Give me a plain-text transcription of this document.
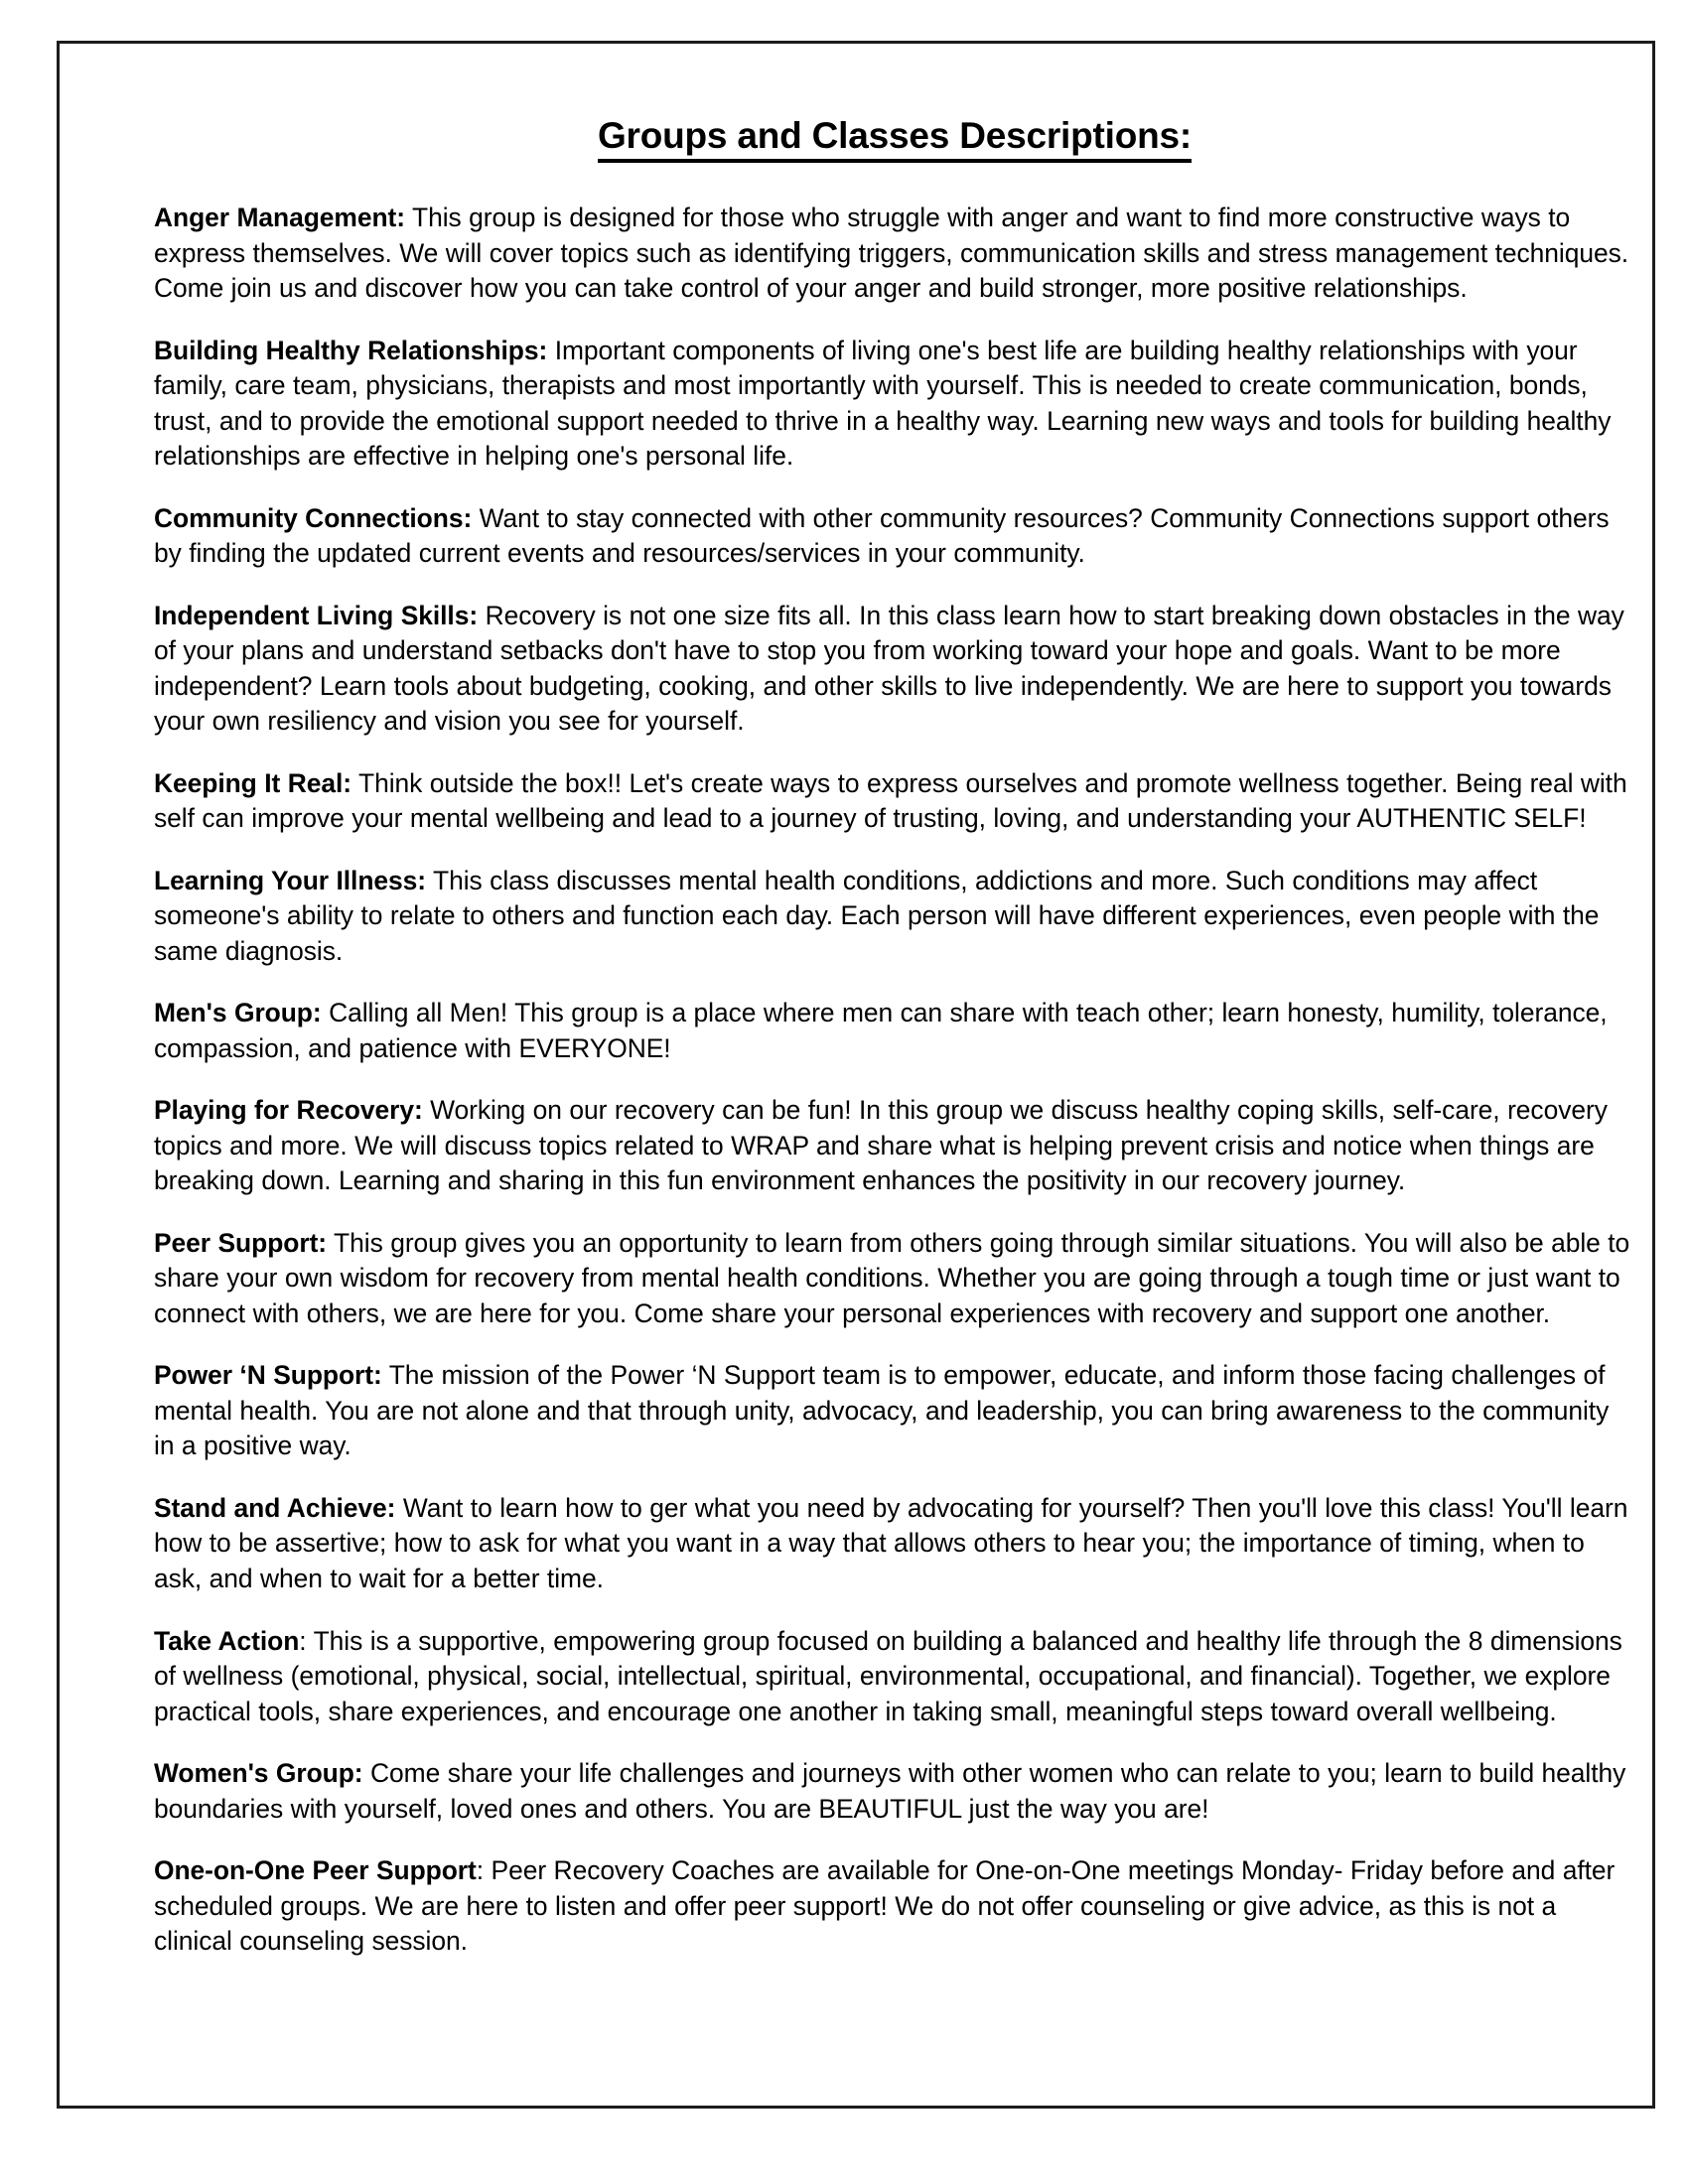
Groups and Classes Descriptions:

Anger Management: This group is designed for those who struggle with anger and want to find more constructive ways to express themselves. We will cover topics such as identifying triggers, communication skills and stress management techniques. Come join us and discover how you can take control of your anger and build stronger, more positive relationships.

Building Healthy Relationships: Important components of living one's best life are building healthy relationships with your family, care team, physicians, therapists and most importantly with yourself. This is needed to create communication, bonds, trust, and to provide the emotional support needed to thrive in a healthy way. Learning new ways and tools for building healthy relationships are effective in helping one's personal life.

Community Connections: Want to stay connected with other community resources? Community Connections support others by finding the updated current events and resources/services in your community.

Independent Living Skills: Recovery is not one size fits all. In this class learn how to start breaking down obstacles in the way of your plans and understand setbacks don't have to stop you from working toward your hope and goals. Want to be more independent? Learn tools about budgeting, cooking, and other skills to live independently. We are here to support you towards your own resiliency and vision you see for yourself.

Keeping It Real: Think outside the box!! Let's create ways to express ourselves and promote wellness together. Being real with self can improve your mental wellbeing and lead to a journey of trusting, loving, and understanding your AUTHENTIC SELF!

Learning Your Illness: This class discusses mental health conditions, addictions and more. Such conditions may affect someone's ability to relate to others and function each day. Each person will have different experiences, even people with the same diagnosis.

Men's Group: Calling all Men! This group is a place where men can share with teach other; learn honesty, humility, tolerance, compassion, and patience with EVERYONE!

Playing for Recovery: Working on our recovery can be fun! In this group we discuss healthy coping skills, self-care, recovery topics and more. We will discuss topics related to WRAP and share what is helping prevent crisis and notice when things are breaking down. Learning and sharing in this fun environment enhances the positivity in our recovery journey.

Peer Support: This group gives you an opportunity to learn from others going through similar situations. You will also be able to share your own wisdom for recovery from mental health conditions. Whether you are going through a tough time or just want to connect with others, we are here for you. Come share your personal experiences with recovery and support one another.

Power ‘N Support: The mission of the Power ‘N Support team is to empower, educate, and inform those facing challenges of mental health. You are not alone and that through unity, advocacy, and leadership, you can bring awareness to the community in a positive way.

Stand and Achieve: Want to learn how to ger what you need by advocating for yourself? Then you'll love this class! You'll learn how to be assertive; how to ask for what you want in a way that allows others to hear you; the importance of timing, when to ask, and when to wait for a better time.

Take Action: This is a supportive, empowering group focused on building a balanced and healthy life through the 8 dimensions of wellness (emotional, physical, social, intellectual, spiritual, environmental, occupational, and financial). Together, we explore practical tools, share experiences, and encourage one another in taking small, meaningful steps toward overall wellbeing.

Women's Group: Come share your life challenges and journeys with other women who can relate to you; learn to build healthy boundaries with yourself, loved ones and others. You are BEAUTIFUL just the way you are!

One-on-One Peer Support: Peer Recovery Coaches are available for One-on-One meetings Monday- Friday before and after scheduled groups. We are here to listen and offer peer support! We do not offer counseling or give advice, as this is not a clinical counseling session.
